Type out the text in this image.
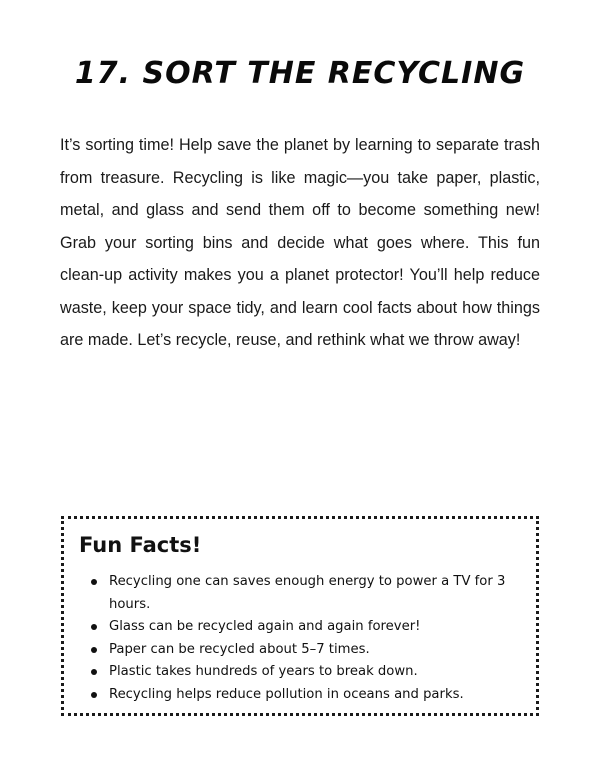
17. SORT THE RECYCLING

It’s sorting time! Help save the planet by learning to separate trash from treasure. Recycling is like magic—you take paper, plastic, metal, and glass and send them off to become something new! Grab your sorting bins and decide what goes where. This fun clean-up activity makes you a planet protector! You’ll help reduce waste, keep your space tidy, and learn cool facts about how things are made. Let’s recycle, reuse, and rethink what we throw away!

Fun Facts!
Recycling one can saves enough energy to power a TV for 3 hours.
Glass can be recycled again and again forever!
Paper can be recycled about 5–7 times.
Plastic takes hundreds of years to break down.
Recycling helps reduce pollution in oceans and parks.
